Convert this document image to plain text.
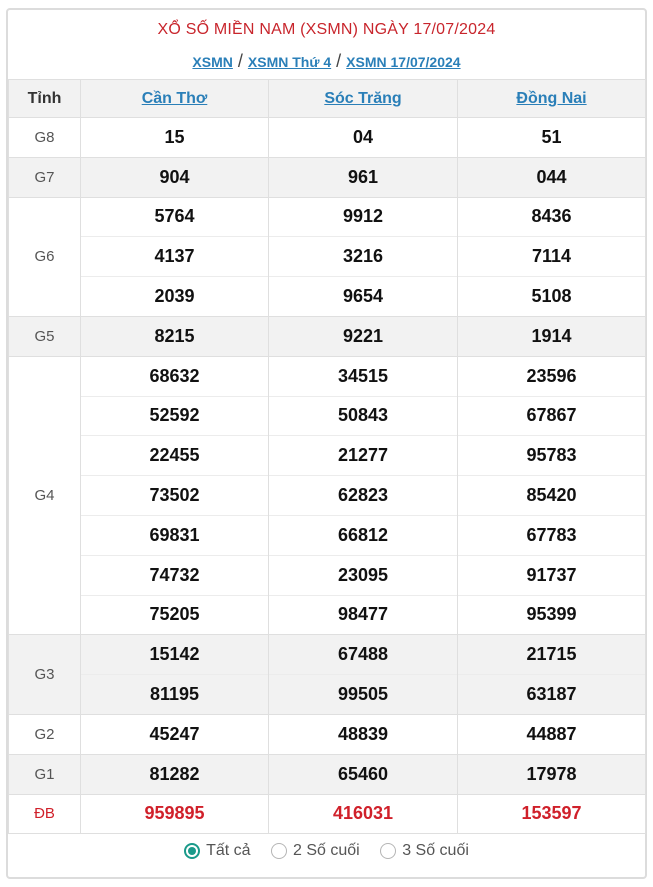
XỔ SỐ MIỀN NAM (XSMN) NGÀY 17/07/2024
XSMN / XSMN Thứ 4 / XSMN 17/07/2024
Tỉnh	Cần Thơ	Sóc Trăng	Đồng Nai
G8	15	04	51
G7	904	961	044
G6	5764	9912	8436
	4137	3216	7114
	2039	9654	5108
G5	8215	9221	1914
G4	68632	34515	23596
	52592	50843	67867
	22455	21277	95783
	73502	62823	85420
	69831	66812	67783
	74732	23095	91737
	75205	98477	95399
G3	15142	67488	21715
	81195	99505	63187
G2	45247	48839	44887
G1	81282	65460	17978
ĐB	959895	416031	153597
Tất cả
	2 Số cuối
	3 Số cuối
